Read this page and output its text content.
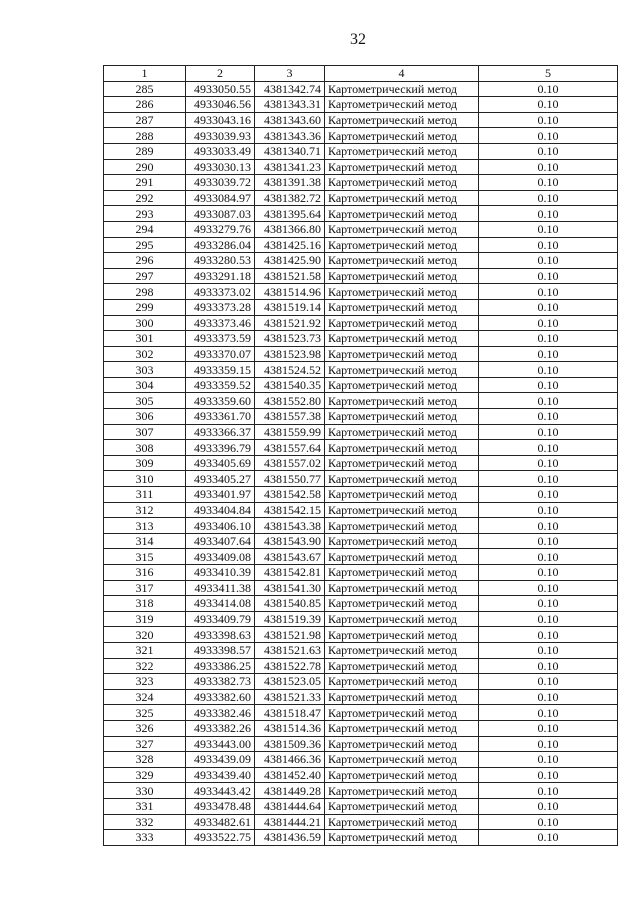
32
1	2	3	4	5
285	4933050.55	4381342.74	Картометрический метод	0.10
286	4933046.56	4381343.31	Картометрический метод	0.10
287	4933043.16	4381343.60	Картометрический метод	0.10
288	4933039.93	4381343.36	Картометрический метод	0.10
289	4933033.49	4381340.71	Картометрический метод	0.10
290	4933030.13	4381341.23	Картометрический метод	0.10
291	4933039.72	4381391.38	Картометрический метод	0.10
292	4933084.97	4381382.72	Картометрический метод	0.10
293	4933087.03	4381395.64	Картометрический метод	0.10
294	4933279.76	4381366.80	Картометрический метод	0.10
295	4933286.04	4381425.16	Картометрический метод	0.10
296	4933280.53	4381425.90	Картометрический метод	0.10
297	4933291.18	4381521.58	Картометрический метод	0.10
298	4933373.02	4381514.96	Картометрический метод	0.10
299	4933373.28	4381519.14	Картометрический метод	0.10
300	4933373.46	4381521.92	Картометрический метод	0.10
301	4933373.59	4381523.73	Картометрический метод	0.10
302	4933370.07	4381523.98	Картометрический метод	0.10
303	4933359.15	4381524.52	Картометрический метод	0.10
304	4933359.52	4381540.35	Картометрический метод	0.10
305	4933359.60	4381552.80	Картометрический метод	0.10
306	4933361.70	4381557.38	Картометрический метод	0.10
307	4933366.37	4381559.99	Картометрический метод	0.10
308	4933396.79	4381557.64	Картометрический метод	0.10
309	4933405.69	4381557.02	Картометрический метод	0.10
310	4933405.27	4381550.77	Картометрический метод	0.10
311	4933401.97	4381542.58	Картометрический метод	0.10
312	4933404.84	4381542.15	Картометрический метод	0.10
313	4933406.10	4381543.38	Картометрический метод	0.10
314	4933407.64	4381543.90	Картометрический метод	0.10
315	4933409.08	4381543.67	Картометрический метод	0.10
316	4933410.39	4381542.81	Картометрический метод	0.10
317	4933411.38	4381541.30	Картометрический метод	0.10
318	4933414.08	4381540.85	Картометрический метод	0.10
319	4933409.79	4381519.39	Картометрический метод	0.10
320	4933398.63	4381521.98	Картометрический метод	0.10
321	4933398.57	4381521.63	Картометрический метод	0.10
322	4933386.25	4381522.78	Картометрический метод	0.10
323	4933382.73	4381523.05	Картометрический метод	0.10
324	4933382.60	4381521.33	Картометрический метод	0.10
325	4933382.46	4381518.47	Картометрический метод	0.10
326	4933382.26	4381514.36	Картометрический метод	0.10
327	4933443.00	4381509.36	Картометрический метод	0.10
328	4933439.09	4381466.36	Картометрический метод	0.10
329	4933439.40	4381452.40	Картометрический метод	0.10
330	4933443.42	4381449.28	Картометрический метод	0.10
331	4933478.48	4381444.64	Картометрический метод	0.10
332	4933482.61	4381444.21	Картометрический метод	0.10
333	4933522.75	4381436.59	Картометрический метод	0.10
